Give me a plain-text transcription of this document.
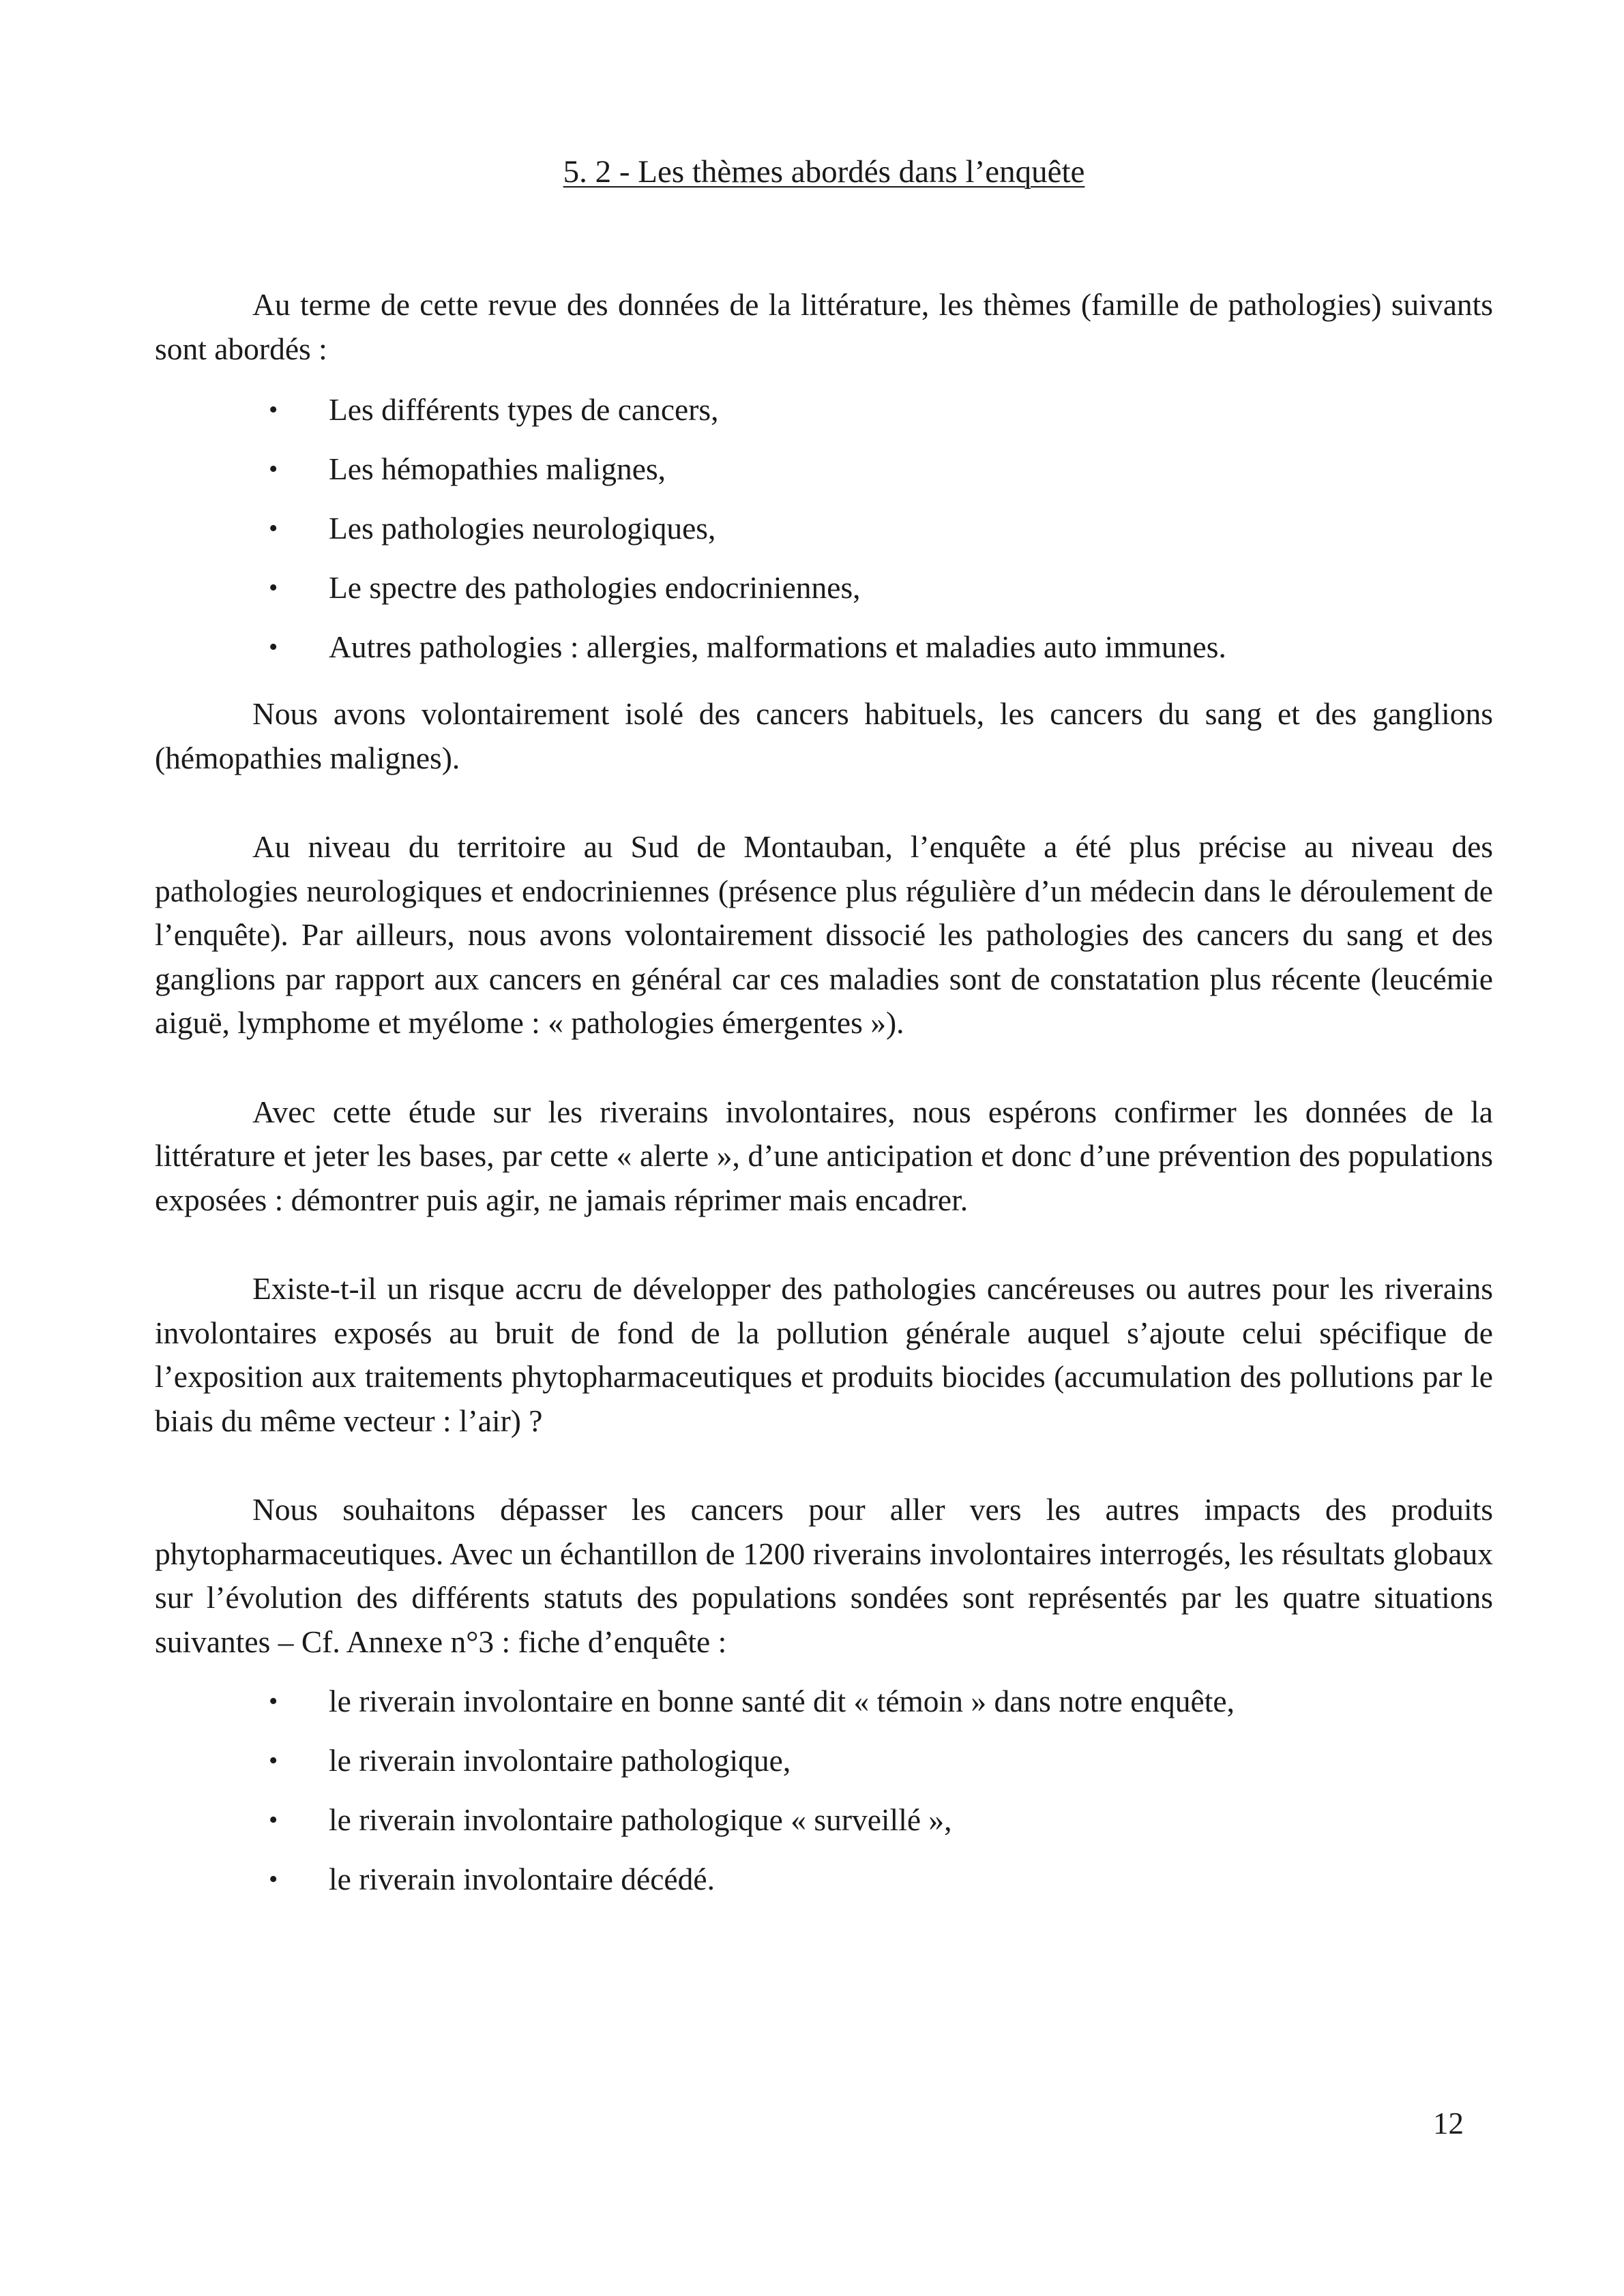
5. 2 - Les thèmes abordés dans l’enquête

Au terme de cette revue des données de la littérature, les thèmes (famille de pathologies) suivants sont abordés :

• Les différents types de cancers,
• Les hémopathies malignes,
• Les pathologies neurologiques,
• Le spectre des pathologies endocriniennes,
• Autres pathologies : allergies, malformations et maladies auto immunes.

Nous avons volontairement isolé des cancers habituels, les cancers du sang et des ganglions (hémopathies malignes).

Au niveau du territoire au Sud de Montauban, l’enquête a été plus précise au niveau des pathologies neurologiques et endocriniennes (présence plus régulière d’un médecin dans le déroulement de l’enquête). Par ailleurs, nous avons volontairement dissocié les pathologies des cancers du sang et des ganglions par rapport aux cancers en général car ces maladies sont de constatation plus récente (leucémie aiguë, lymphome et myélome : « pathologies émergentes »).

Avec cette étude sur les riverains involontaires, nous espérons confirmer les données de la littérature et jeter les bases, par cette « alerte », d’une anticipation et donc d’une prévention des populations exposées : démontrer puis agir, ne jamais réprimer mais encadrer.

Existe-t-il un risque accru de développer des pathologies cancéreuses ou autres pour les riverains involontaires exposés au bruit de fond de la pollution générale auquel s’ajoute celui spécifique de l’exposition aux traitements phytopharmaceutiques et produits biocides (accumulation des pollutions par le biais du même vecteur : l’air) ?

Nous souhaitons dépasser les cancers pour aller vers les autres impacts des produits phytopharmaceutiques. Avec un échantillon de 1200 riverains involontaires interrogés, les résultats globaux sur l’évolution des différents statuts des populations sondées sont représentés par les quatre situations suivantes – Cf. Annexe n°3 : fiche d’enquête :

• le riverain involontaire en bonne santé dit « témoin » dans notre enquête,
• le riverain involontaire pathologique,
• le riverain involontaire pathologique « surveillé »,
• le riverain involontaire décédé.
12
